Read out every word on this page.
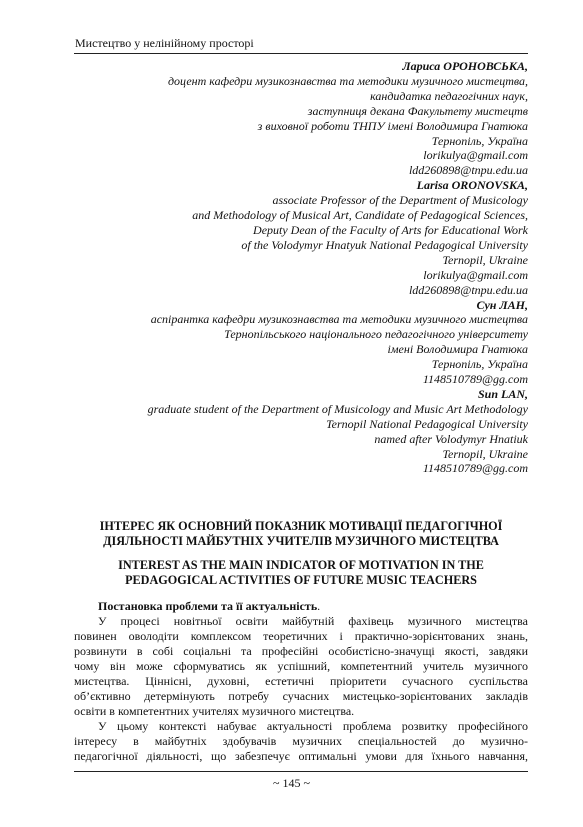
Мистецтво у нелінійному просторі
Лариса ОРОНОВСЬКА,
доцент кафедри музикознавства та методики музичного мистецтва,
кандидатка педагогічних наук,
заступниця декана Факультету мистецтв
з виховної роботи ТНПУ імені Володимира Гнатюка
Тернопіль, Україна
lorikulya@gmail.com
ldd260898@tnpu.edu.ua
Larisa ORONOVSKA,
associate Professor of the Department of Musicology
and Methodology of Musical Art, Candidate of Pedagogical Sciences,
Deputy Dean of the Faculty of Arts for Educational Work
of the Volodymyr Hnatyuk National Pedagogical University
Ternopil, Ukraine
lorikulya@gmail.com
ldd260898@tnpu.edu.ua
Сун ЛАН,
аспірантка кафедри музикознавства та методики музичного мистецтва
Тернопільського національного педагогічного університету
імені Володимира Гнатюка
Тернопіль, Україна
1148510789@gg.com
Sun LAN,
graduate student of the Department of Musicology and Music Art Methodology
Ternopil National Pedagogical University
named after Volodymyr Hnatiuk
Ternopil, Ukraine
1148510789@gg.com
ІНТЕРЕС ЯК ОСНОВНИЙ ПОКАЗНИК МОТИВАЦІЇ ПЕДАГОГІЧНОЇ
ДІЯЛЬНОСТІ МАЙБУТНІХ УЧИТЕЛІВ МУЗИЧНОГО МИСТЕЦТВА
INTEREST AS THE MAIN INDICATOR OF MOTIVATION IN THE
PEDAGOGICAL ACTIVITIES OF FUTURE MUSIC TEACHERS
Постановка проблеми та її актуальність.

У процесі новітньої освіти майбутній фахівець музичного мистецтва
повинен оволодіти комплексом теоретичних і практично-зорієнтованих знань,
розвинути в собі соціальні та професійні особистісно-значущі якості, завдяки
чому він може сформуватись як успішний, компетентний учитель музичного
мистецтва. Ціннісні, духовні, естетичні пріоритети сучасного суспільства
об’єктивно детермінують потребу сучасних мистецько-зорієнтованих закладів
освіти в компетентних учителях музичного мистецтва.

У цьому контексті набуває актуальності проблема розвитку професійного
інтересу в майбутніх здобувачів музичних спеціальностей до музично-
педагогічної діяльності, що забезпечує оптимальні умови для їхнього навчання,

~ 145 ~
